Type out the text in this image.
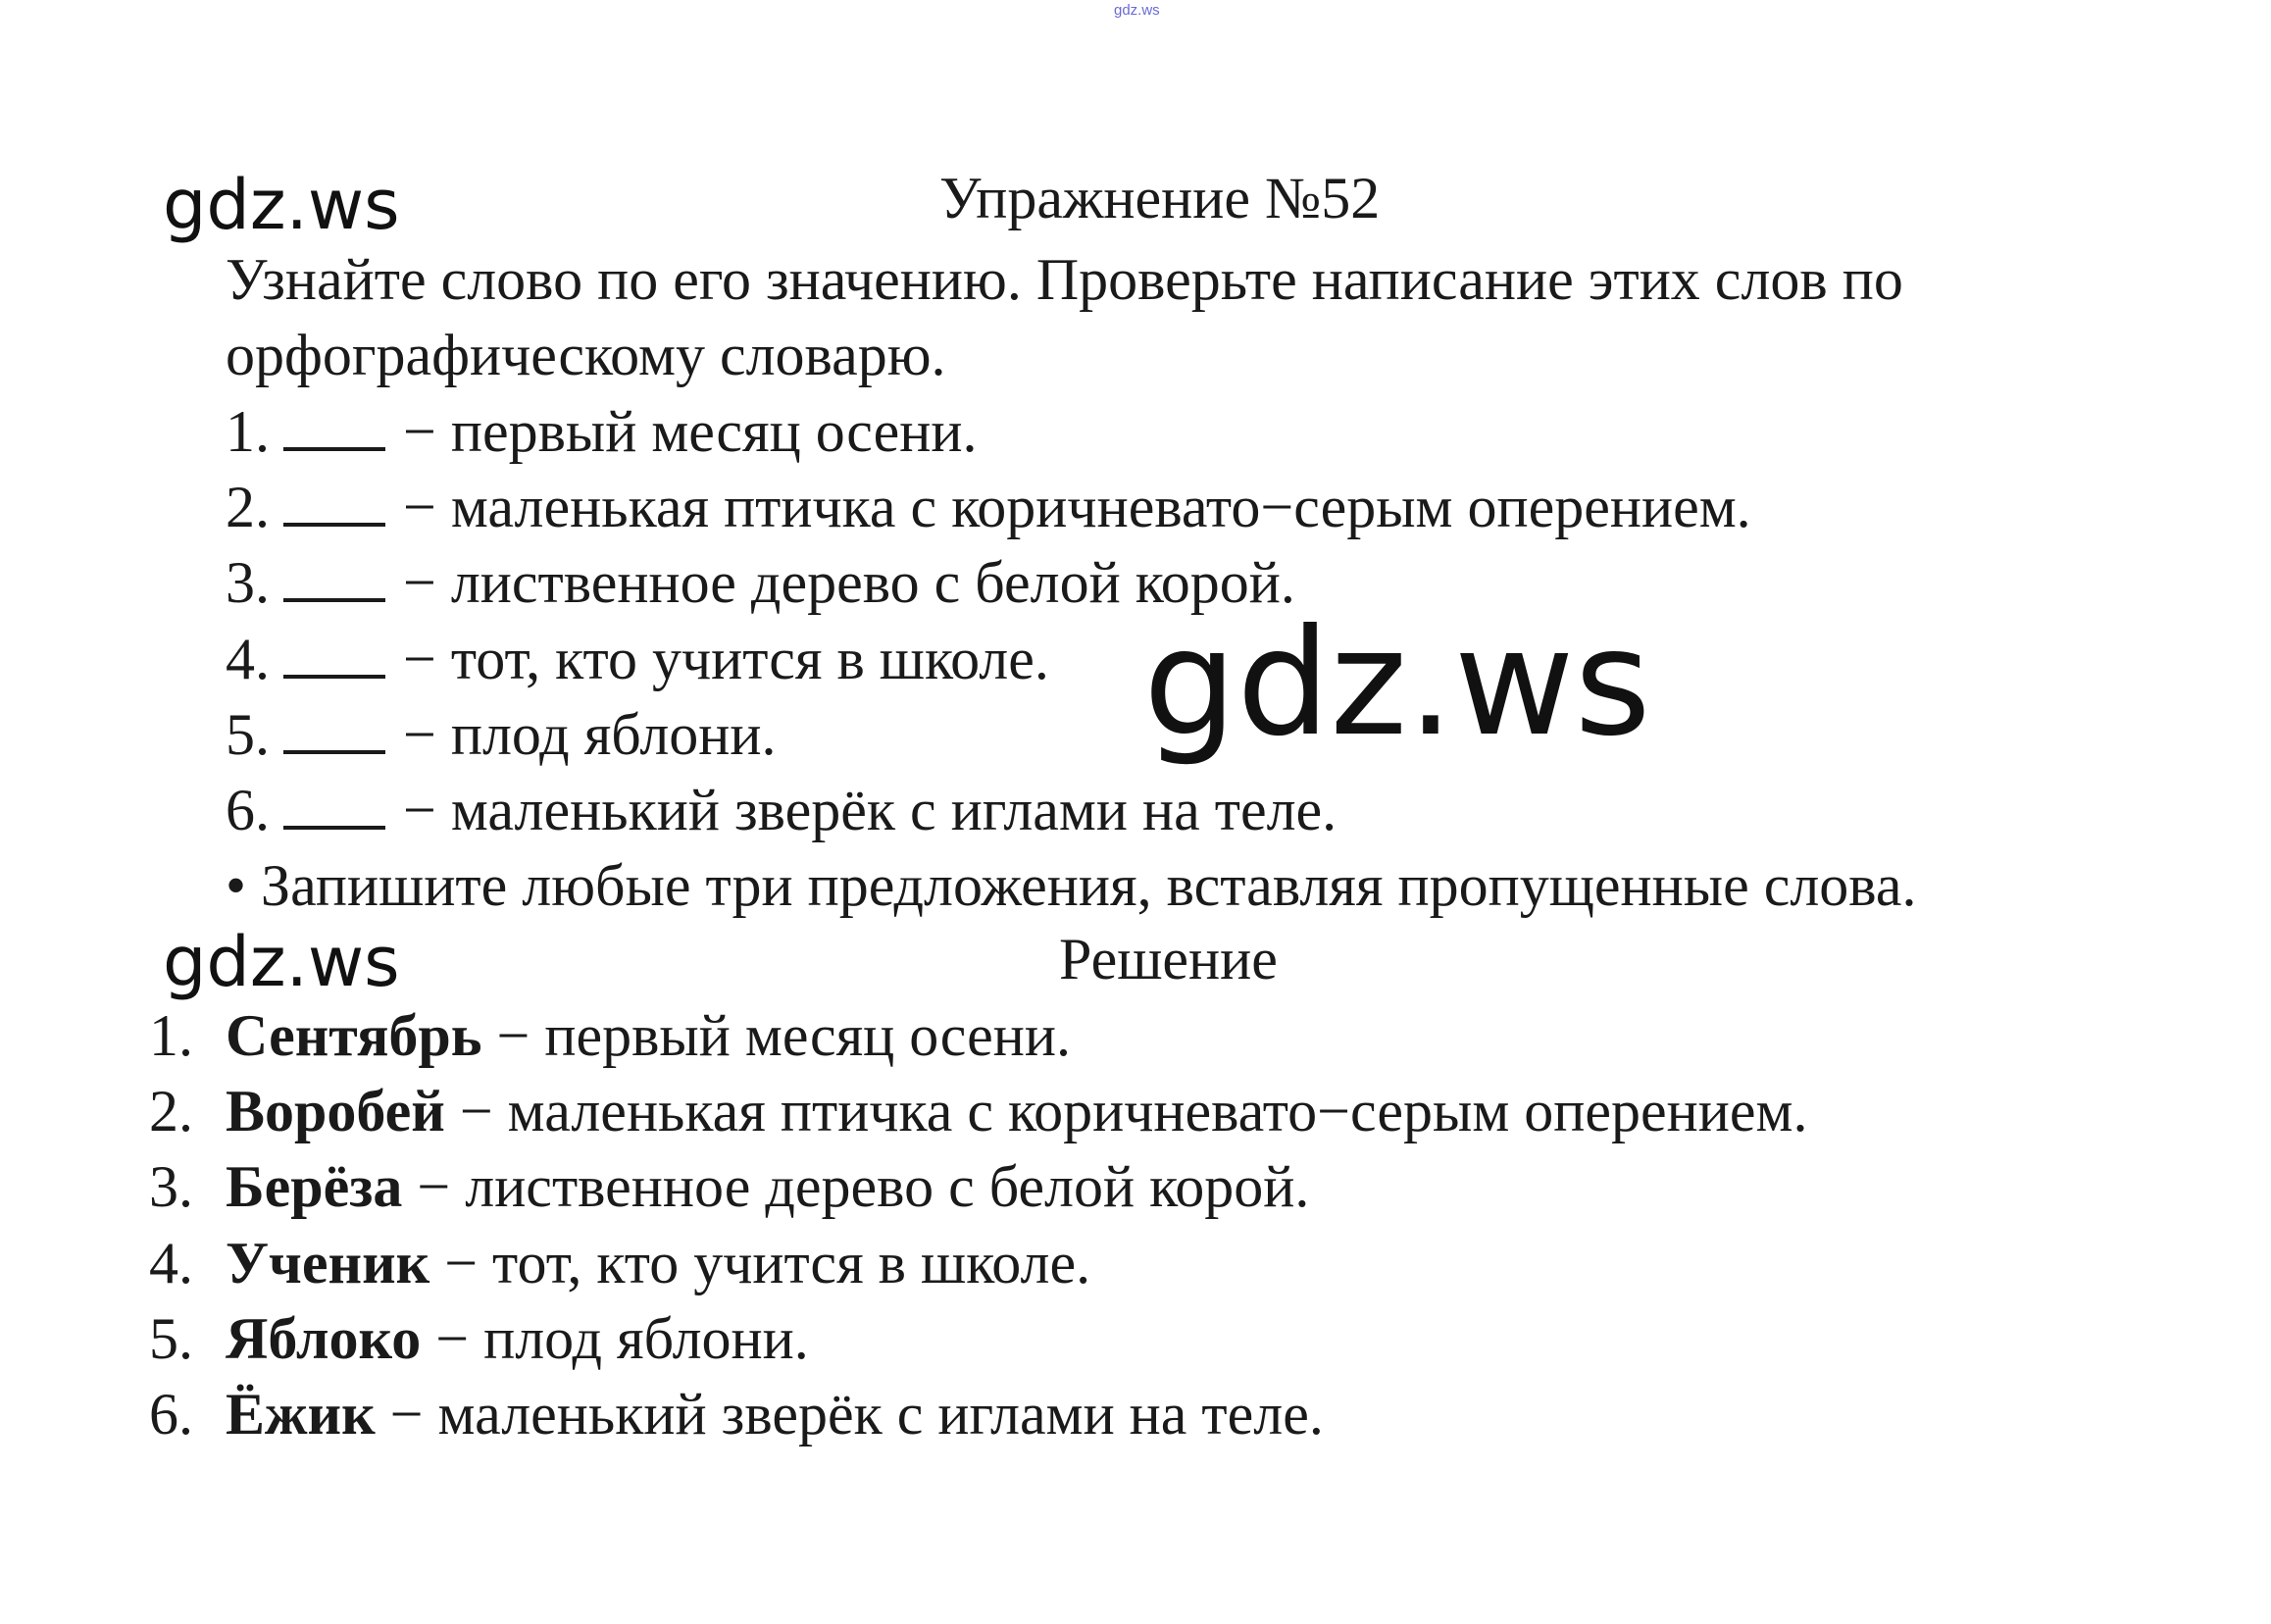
gdz.ws
gdz.ws	Упражнение №52
Узнайте слово по его значению. Проверьте написание этих слов по
орфографическому словарю.
1. − первый месяц осени.
2. − маленькая птичка с коричневато−серым оперением.
3. − лиственное дерево с белой корой.
4. − тот, кто учится в школе.
5. − плод яблони.
6. − маленький зверёк с иглами на теле.
• Запишите любые три предложения, вставляя пропущенные слова.
gdz.ws
gdz.ws	Решение
1. Сентябрь − первый месяц осени.
2. Воробей − маленькая птичка с коричневато−серым оперением.
3. Берёза − лиственное дерево с белой корой.
4. Ученик − тот, кто учится в школе.
5. Яблоко − плод яблони.
6. Ёжик − маленький зверёк с иглами на теле.
